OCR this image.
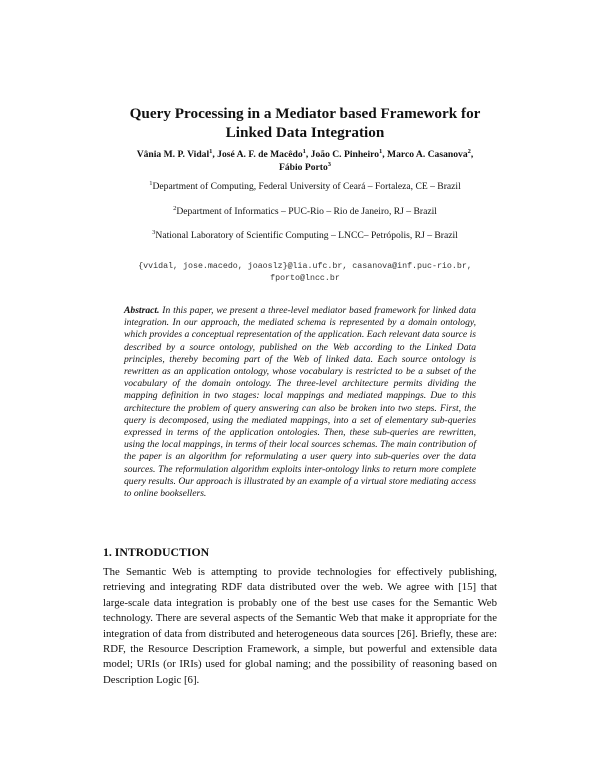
Query Processing in a Mediator based Framework for
Linked Data Integration
Vânia M. P. Vidal$^1$, José A. F. de Macêdo$^1$, João C. Pinheiro$^1$, Marco A. Casanova$^2$,
Fábio Porto$^3$
$^1$Department of Computing, Federal University of Ceará – Fortaleza, CE – Brazil
$^2$Department of Informatics – PUC-Rio – Rio de Janeiro, RJ – Brazil
$^3$National Laboratory of Scientific Computing – LNCC– Petrópolis, RJ – Brazil
{vvidal, jose.macedo, joaoslz}@lia.ufc.br, casanova@inf.puc-rio.br,
fporto@lncc.br
Abstract. In this paper, we present a three-level mediator based framework for linked data integration. In our approach, the mediated schema is represented by a domain ontology, which provides a conceptual representation of the application. Each relevant data source is described by a source ontology, published on the Web according to the Linked Data principles, thereby becoming part of the Web of linked data. Each source ontology is rewritten as an application ontology, whose vocabulary is restricted to be a subset of the vocabulary of the domain ontology. The three-level architecture permits dividing the mapping definition in two stages: local mappings and mediated mappings. Due to this architecture the problem of query answering can also be broken into two steps. First, the query is decomposed, using the mediated mappings, into a set of elementary sub-queries expressed in terms of the application ontologies. Then, these sub-queries are rewritten, using the local mappings, in terms of their local sources schemas. The main contribution of the paper is an algorithm for reformulating a user query into sub-queries over the data sources. The reformulation algorithm exploits inter-ontology links to return more complete query results. Our approach is illustrated by an example of a virtual store mediating access to online booksellers.
1. INTRODUCTION
The Semantic Web is attempting to provide technologies for effectively publishing, retrieving and integrating RDF data distributed over the web. We agree with [15] that large-scale data integration is probably one of the best use cases for the Semantic Web technology. There are several aspects of the Semantic Web that make it appropriate for the integration of data from distributed and heterogeneous data sources [26]. Briefly, these are: RDF, the Resource Description Framework, a simple, but powerful and extensible data model; URIs (or IRIs) used for global naming; and the possibility of reasoning based on Description Logic [6].
